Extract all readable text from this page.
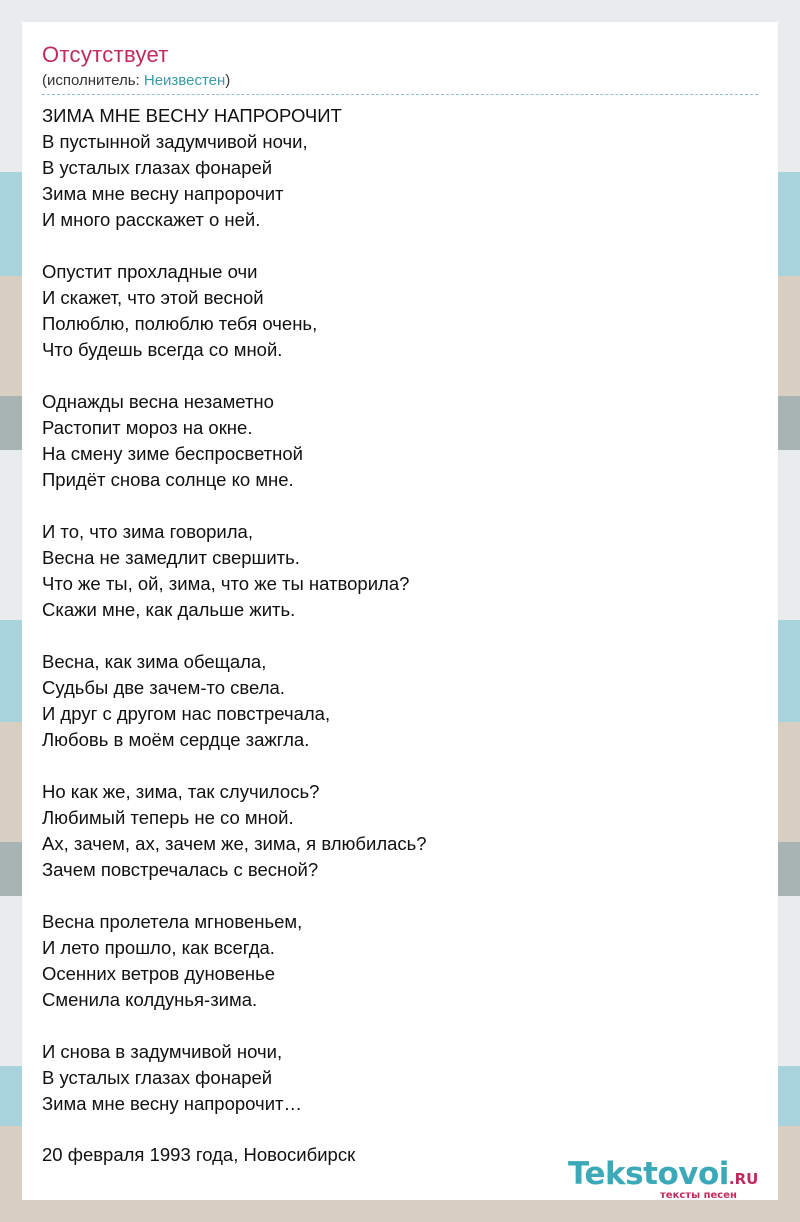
Отсутствует
(исполнитель: Неизвестен)
ЗИМА МНЕ ВЕСНУ НАПРОРОЧИТ
В пустынной задумчивой ночи,
В усталых глазах фонарей
Зима мне весну напророчит
И много расскажет о ней.
Опустит прохладные очи
И скажет, что этой весной
Полюблю, полюблю тебя очень,
Что будешь всегда со мной.
Однажды весна незаметно
Растопит мороз на окне.
На смену зиме беспросветной
Придёт снова солнце ко мне.
И то, что зима говорила,
Весна не замедлит свершить.
Что же ты, ой, зима, что же ты натворила?
Скажи мне, как дальше жить.
Весна, как зима обещала,
Судьбы две зачем-то свела.
И друг с другом нас повстречала,
Любовь в моём сердце зажгла.
Но как же, зима, так случилось?
Любимый теперь не со мной.
Ах, зачем, ах, зачем же, зима, я влюбилась?
Зачем повстречалась с весной?
Весна пролетела мгновеньем,
И лето прошло, как всегда.
Осенних ветров дуновенье
Сменила колдунья-зима.
И снова в задумчивой ночи,
В усталых глазах фонарей
Зима мне весну напророчит…
20 февраля 1993 года, Новосибирск
Tekstovoi.RU
тексты песен
